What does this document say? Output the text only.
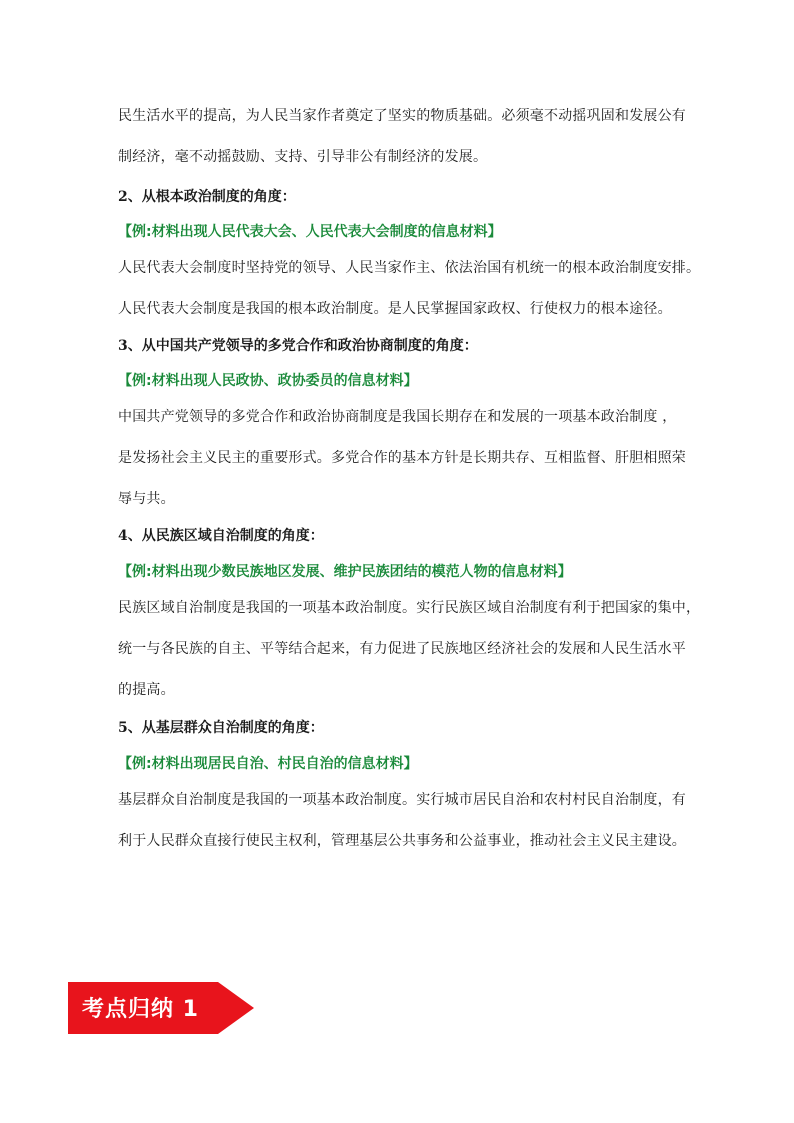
民生活水平的提高，为人民当家作者奠定了坚实的物质基础。必须毫不动摇巩固和发展公有
制经济，毫不动摇鼓励、支持、引导非公有制经济的发展。
2、从根本政治制度的角度：
【例:材料出现人民代表大会、人民代表大会制度的信息材料】
人民代表大会制度时坚持党的领导、人民当家作主、依法治国有机统一的根本政治制度安排。
人民代表大会制度是我国的根本政治制度。是人民掌握国家政权、行使权力的根本途径。
3、从中国共产党领导的多党合作和政治协商制度的角度：
【例:材料出现人民政协、政协委员的信息材料】
中国共产党领导的多党合作和政治协商制度是我国长期存在和发展的一项基本政治制度 ，
是发扬社会主义民主的重要形式。多党合作的基本方针是长期共存、互相监督、肝胆相照荣
辱与共。
4、从民族区域自治制度的角度：
【例:材料出现少数民族地区发展、维护民族团结的模范人物的信息材料】
民族区域自治制度是我国的一项基本政治制度。实行民族区域自治制度有利于把国家的集中，
统一与各民族的自主、平等结合起来，有力促进了民族地区经济社会的发展和人民生活水平
的提高。
5、从基层群众自治制度的角度：
【例:材料出现居民自治、村民自治的信息材料】
基层群众自治制度是我国的一项基本政治制度。实行城市居民自治和农村村民自治制度，有
利于人民群众直接行使民主权利，管理基层公共事务和公益事业，推动社会主义民主建设。
考点归纳 1
